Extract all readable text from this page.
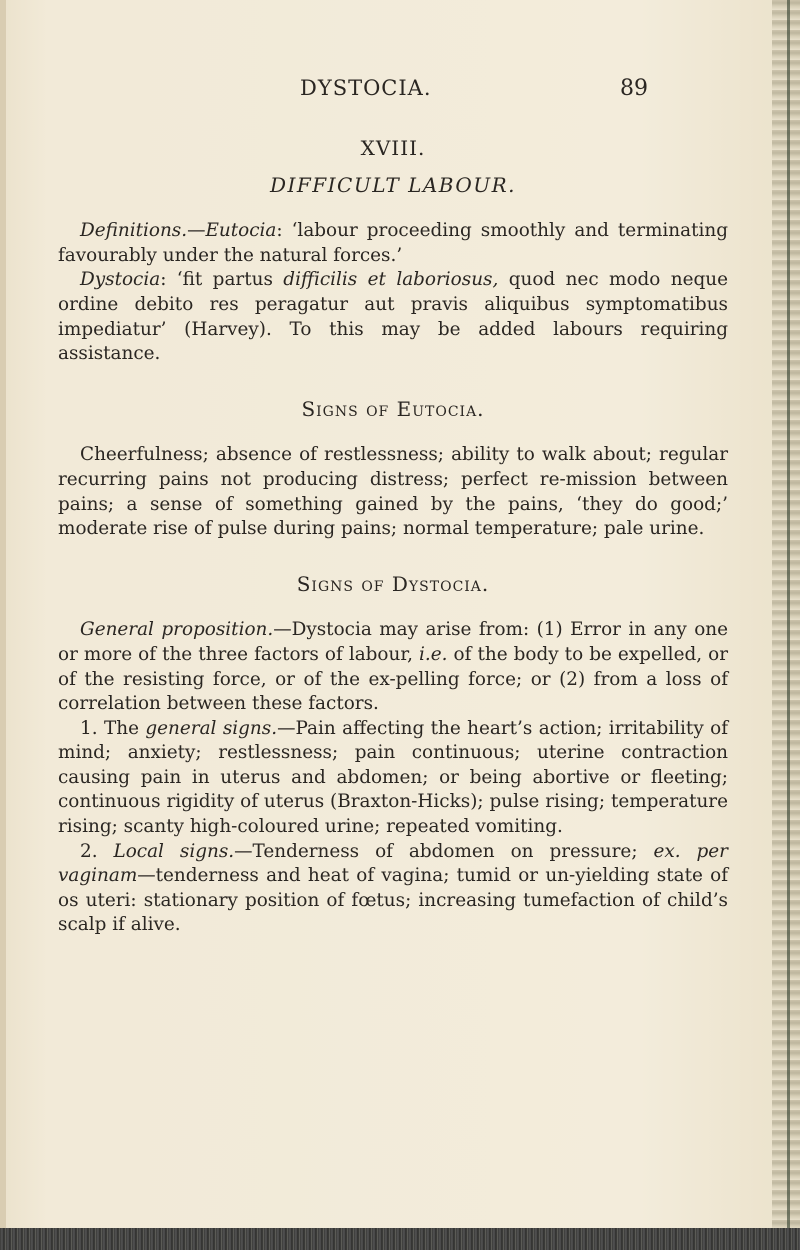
DYSTOCIA.	89
XVIII.
DIFFICULT LABOUR.

Definitions.—Eutocia: ‘labour proceeding smoothly and terminating favourably under the natural forces.’

Dystocia: ‘fit partus difficilis et laboriosus, quod nec modo neque ordine debito res peragatur aut pravis aliquibus symptomatibus impediatur’ (Harvey). To this may be added labours requiring assistance.

Signs of Eutocia.

Cheerfulness; absence of restlessness; ability to walk about; regular recurring pains not producing distress; perfect re-mission between pains; a sense of something gained by the pains, ‘they do good;’ moderate rise of pulse during pains; normal temperature; pale urine.

Signs of Dystocia.

General proposition.—Dystocia may arise from: (1) Error in any one or more of the three factors of labour, i.e. of the body to be expelled, or of the resisting force, or of the ex-pelling force; or (2) from a loss of correlation between these factors.

1. The general signs.—Pain affecting the heart’s action; irritability of mind; anxiety; restlessness; pain continuous; uterine contraction causing pain in uterus and abdomen; or being abortive or fleeting; continuous rigidity of uterus (Braxton-Hicks); pulse rising; temperature rising; scanty high-coloured urine; repeated vomiting.

2. Local signs.—Tenderness of abdomen on pressure; ex. per vaginam—tenderness and heat of vagina; tumid or un-yielding state of os uteri: stationary position of fœtus; increasing tumefaction of child’s scalp if alive.
